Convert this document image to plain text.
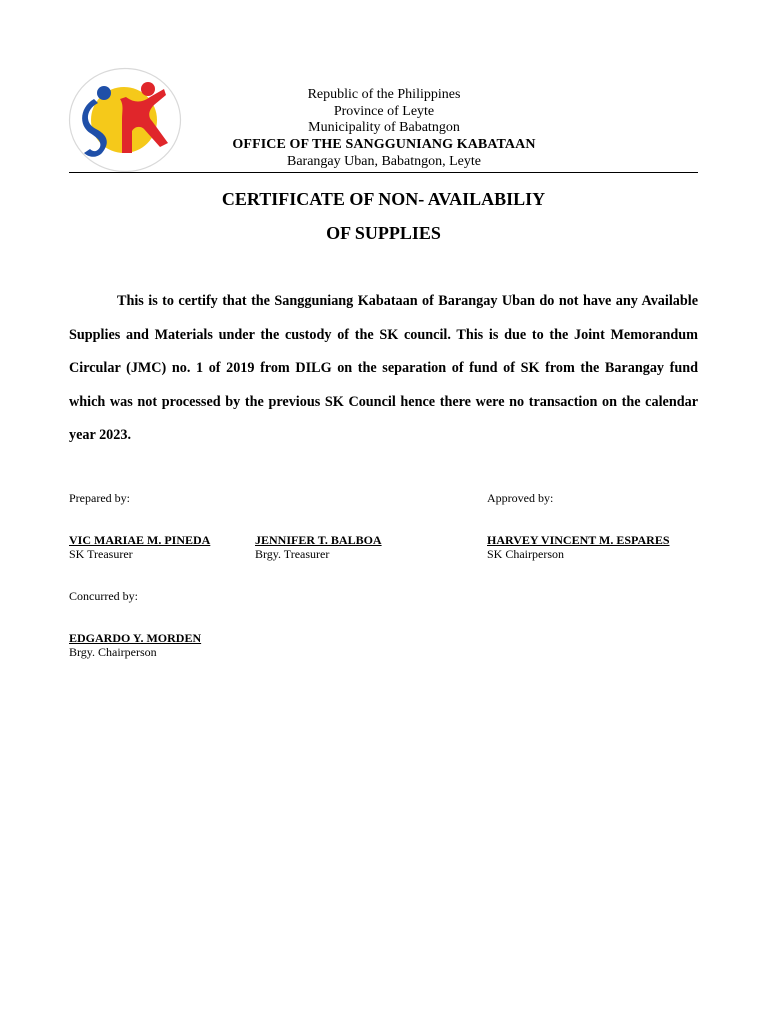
Republic of the Philippines
Province of Leyte
Municipality of Babatngon
OFFICE OF THE SANGGUNIANG KABATAAN
Barangay Uban, Babatngon, Leyte
CERTIFICATE OF NON- AVAILABILIY
OF SUPPLIES
This is to certify that the Sangguniang Kabataan of Barangay Uban do not have any Available Supplies and Materials under the custody of the SK council. This is due to the Joint Memorandum Circular (JMC) no. 1 of 2019 from DILG on the separation of fund of SK from the Barangay fund which was not processed by the previous SK Council hence there were no transaction on the calendar year 2023.
Prepared by:	Approved by:
VIC MARIAE M. PINEDA
SK Treasurer
JENNIFER T. BALBOA
Brgy. Treasurer
HARVEY VINCENT M. ESPARES
SK Chairperson
Concurred by:
EDGARDO Y. MORDEN
Brgy. Chairperson
